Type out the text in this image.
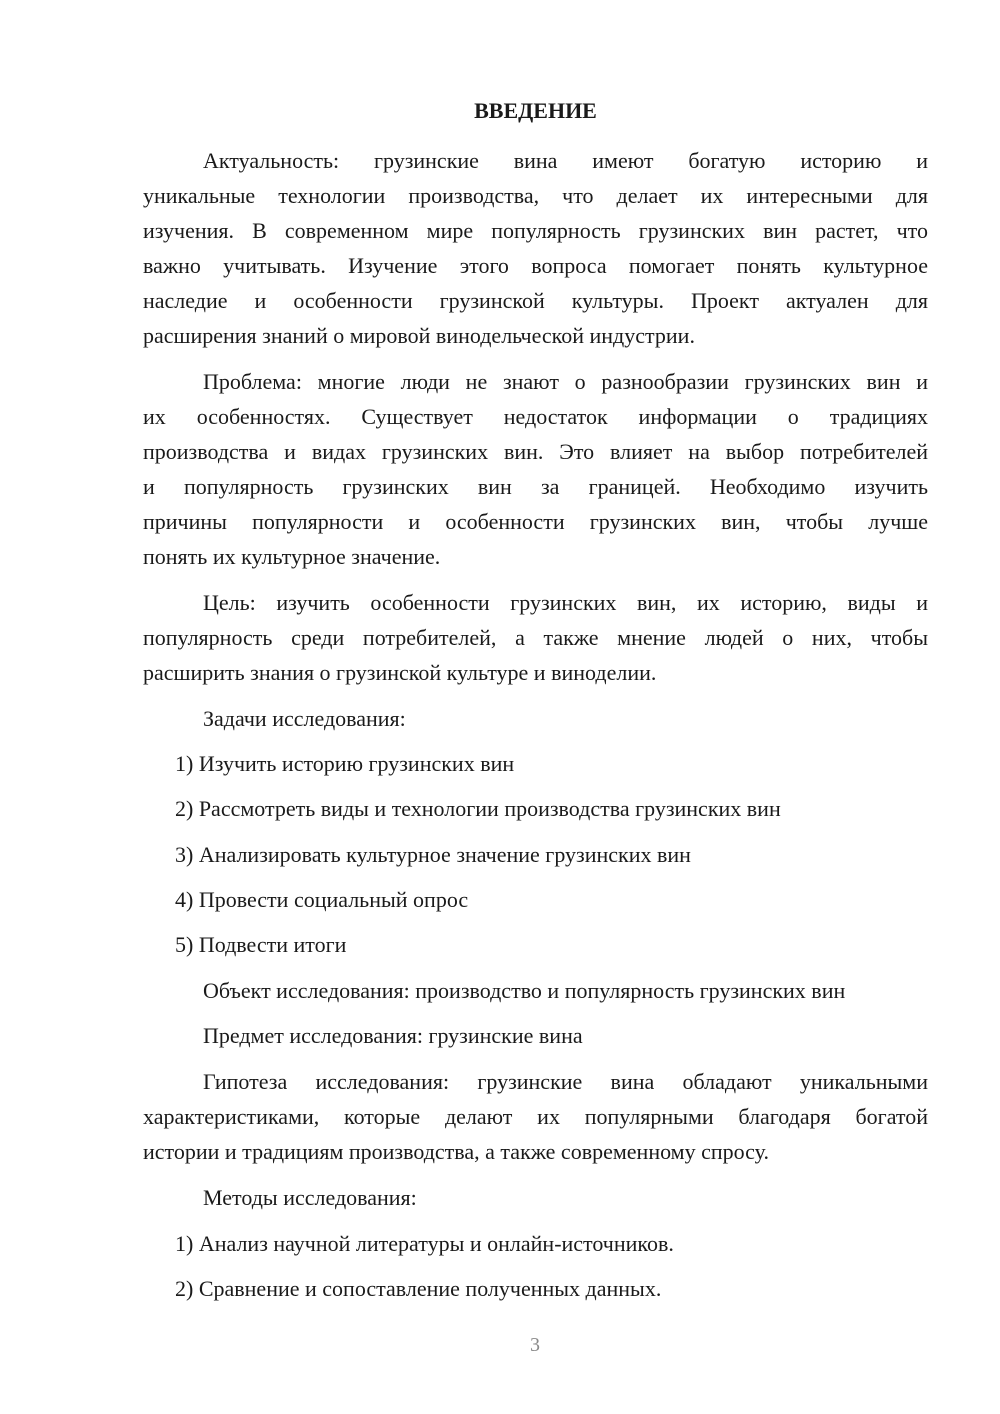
ВВЕДЕНИЕ
Актуальность: грузинские вина имеют богатую историю и
уникальные технологии производства, что делает их интересными для
изучения. В современном мире популярность грузинских вин растет, что
важно учитывать. Изучение этого вопроса помогает понять культурное
наследие и особенности грузинской культуры. Проект актуален для
расширения знаний о мировой винодельческой индустрии.
Проблема: многие люди не знают о разнообразии грузинских вин и
их особенностях. Существует недостаток информации о традициях
производства и видах грузинских вин. Это влияет на выбор потребителей
и популярность грузинских вин за границей. Необходимо изучить
причины популярности и особенности грузинских вин, чтобы лучше
понять их культурное значение.
Цель: изучить особенности грузинских вин, их историю, виды и
популярность среди потребителей, а также мнение людей о них, чтобы
расширить знания о грузинской культуре и виноделии.
Задачи исследования:
1) Изучить историю грузинских вин
2) Рассмотреть виды и технологии производства грузинских вин
3) Анализировать культурное значение грузинских вин
4) Провести социальный опрос
5) Подвести итоги
Объект исследования: производство и популярность грузинских вин
Предмет исследования: грузинские вина
Гипотеза исследования: грузинские вина обладают уникальными
характеристиками, которые делают их популярными благодаря богатой
истории и традициям производства, а также современному спросу.
Методы исследования:
1) Анализ научной литературы и онлайн-источников.
2) Сравнение и сопоставление полученных данных.
3
